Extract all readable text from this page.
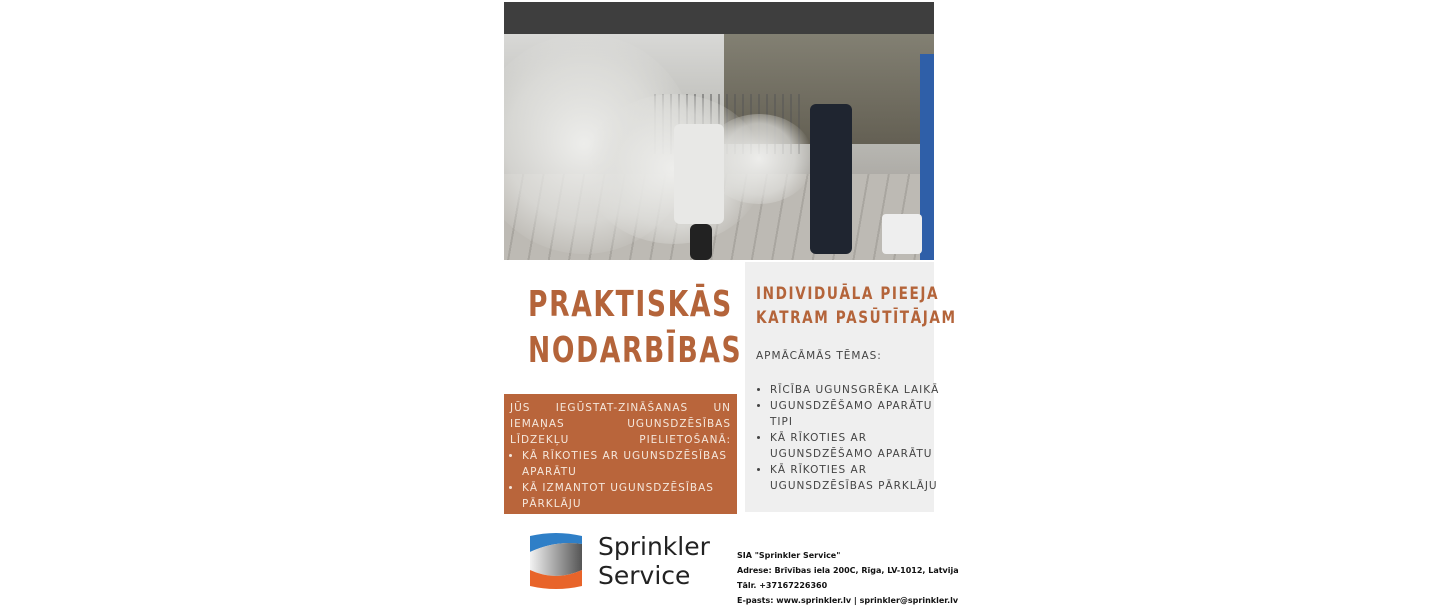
PRAKTISKĀS
NODARBĪBAS
JŪS IEGŪSTAT-ZINĀŠANAS UN IEMAŅAS UGUNSDZĒSĪBAS LĪDZEKĻU PIELIETOŠANĀ:
• KĀ RĪKOTIES AR UGUNSDZĒSĪBAS APARĀTU
• KĀ IZMANTOT UGUNSDZĒSĪBAS PĀRKLĀJU
INDIVIDUĀLA PIEEJA
KATRAM PASŪTĪTĀJAM
APMĀCĀMĀS TĒMAS:
• RĪCĪBA UGUNSGRĒKA LAIKĀ
• UGUNSDZĒŠAMO APARĀTU TIPI
• KĀ RĪKOTIES AR UGUNSDZĒŠAMO APARĀTU
• KĀ RĪKOTIES AR UGUNSDZĒSĪBAS PĀRKLĀJU
Sprinkler
Service
SIA "Sprinkler Service"
Adrese: Brīvības iela 200C, Rīga, LV-1012, Latvija
Tālr. +37167226360
E-pasts: www.sprinkler.lv | sprinkler@sprinkler.lv
